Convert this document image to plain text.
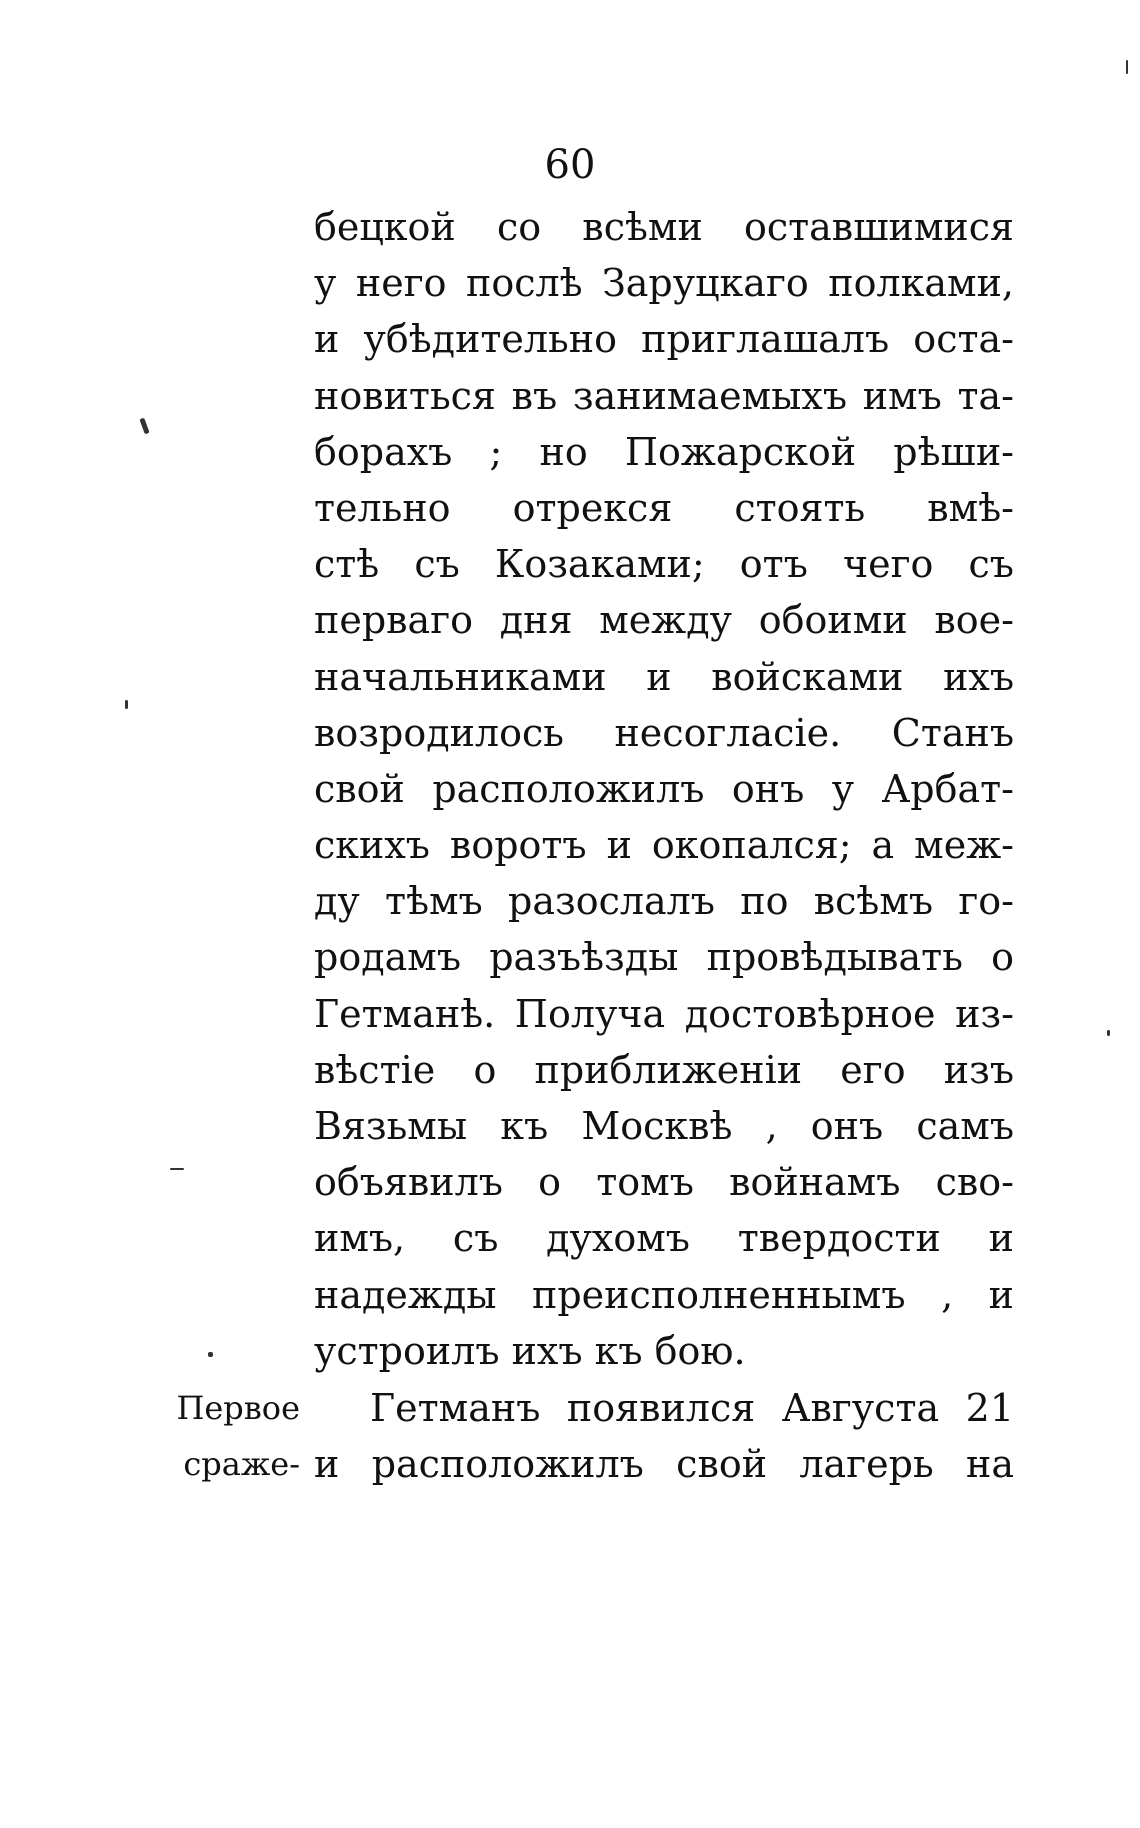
60
бецкой со всѣми оставшимися
у него послѣ Заруцкаго полками,
и убѣдительно приглашалъ оста-
новиться въ занимаемыхъ имъ та-
борахъ ; но Пожарской рѣши-
тельно отрекся стоять вмѣ-
стѣ съ Козаками; отъ чего съ
перваго дня между обоими вое-
начальниками и войсками ихъ
возродилось несогласіе. Станъ
свой расположилъ онъ у Арбат-
скихъ воротъ и окопался; а меж-
ду тѣмъ разослалъ по всѣмъ го-
родамъ разъѣзды провѣдывать о
Гетманѣ. Получа достовѣрное из-
вѣстіе о приближеніи его изъ
Вязьмы къ Москвѣ , онъ самъ
объявилъ о томъ войнамъ сво-
имъ, съ духомъ твердости и
надежды преисполненнымъ , и
устроилъ ихъ къ бою.
Первое
сраже-
Гетманъ появился Августа 21
и расположилъ свой лагерь на
